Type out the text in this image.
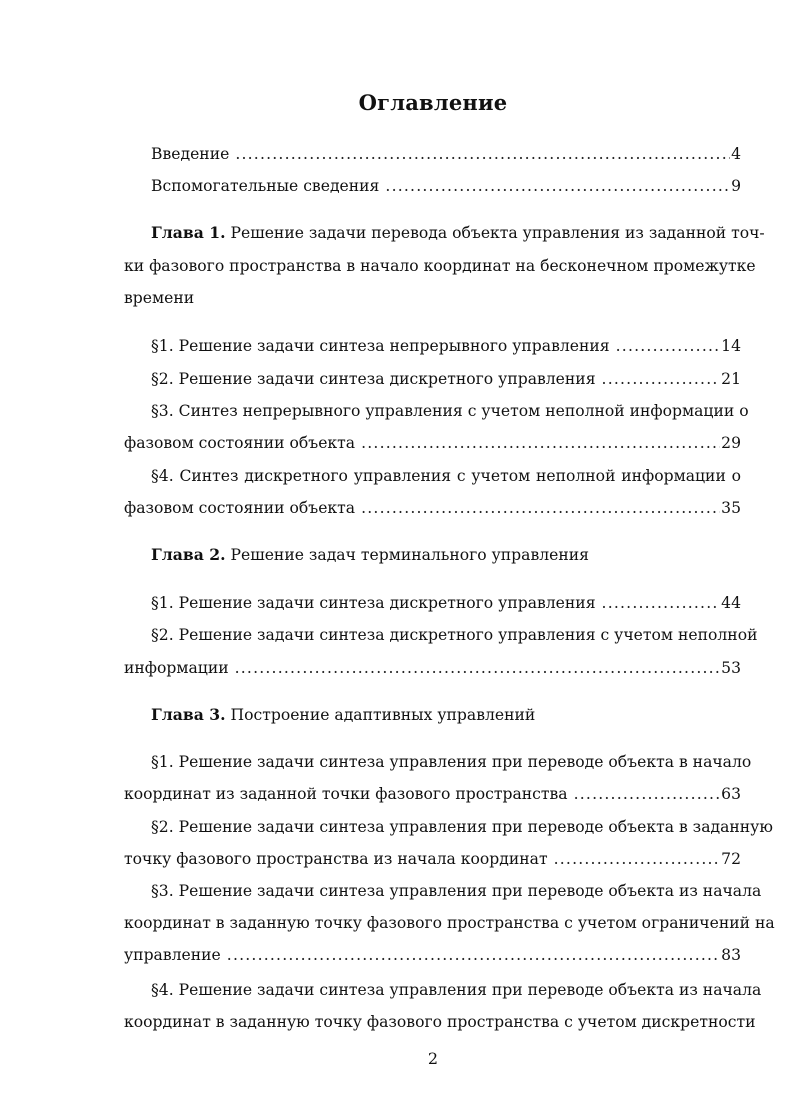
Оглавление
Введение .....	4
Вспомогательные сведения .....	9
Глава 1. Решение задачи перевода объекта управления из заданной точ-
ки фазового пространства в начало координат на бесконечном промежутке
времени
§1. Решение задачи синтеза непрерывного управления .....	14
§2. Решение задачи синтеза дискретного управления .....	21
§3. Синтез непрерывного управления с учетом неполной информации о
фазовом состоянии объекта .....	29
§4. Синтез дискретного управления с учетом неполной информации о
фазовом состоянии объекта .....	35
Глава 2. Решение задач терминального управления
§1. Решение задачи синтеза дискретного управления .....	44
§2. Решение задачи синтеза дискретного управления с учетом неполной
информации .....	53
Глава 3. Построение адаптивных управлений
§1. Решение задачи синтеза управления при переводе объекта в начало
координат из заданной точки фазового пространства .....	63
§2. Решение задачи синтеза управления при переводе объекта в заданную
точку фазового пространства из начала координат .....	72
§3. Решение задачи синтеза управления при переводе объекта из начала
координат в заданную точку фазового пространства с учетом ограничений на
управление .....	83
§4. Решение задачи синтеза управления при переводе объекта из начала
координат в заданную точку фазового пространства с учетом дискретности
2
